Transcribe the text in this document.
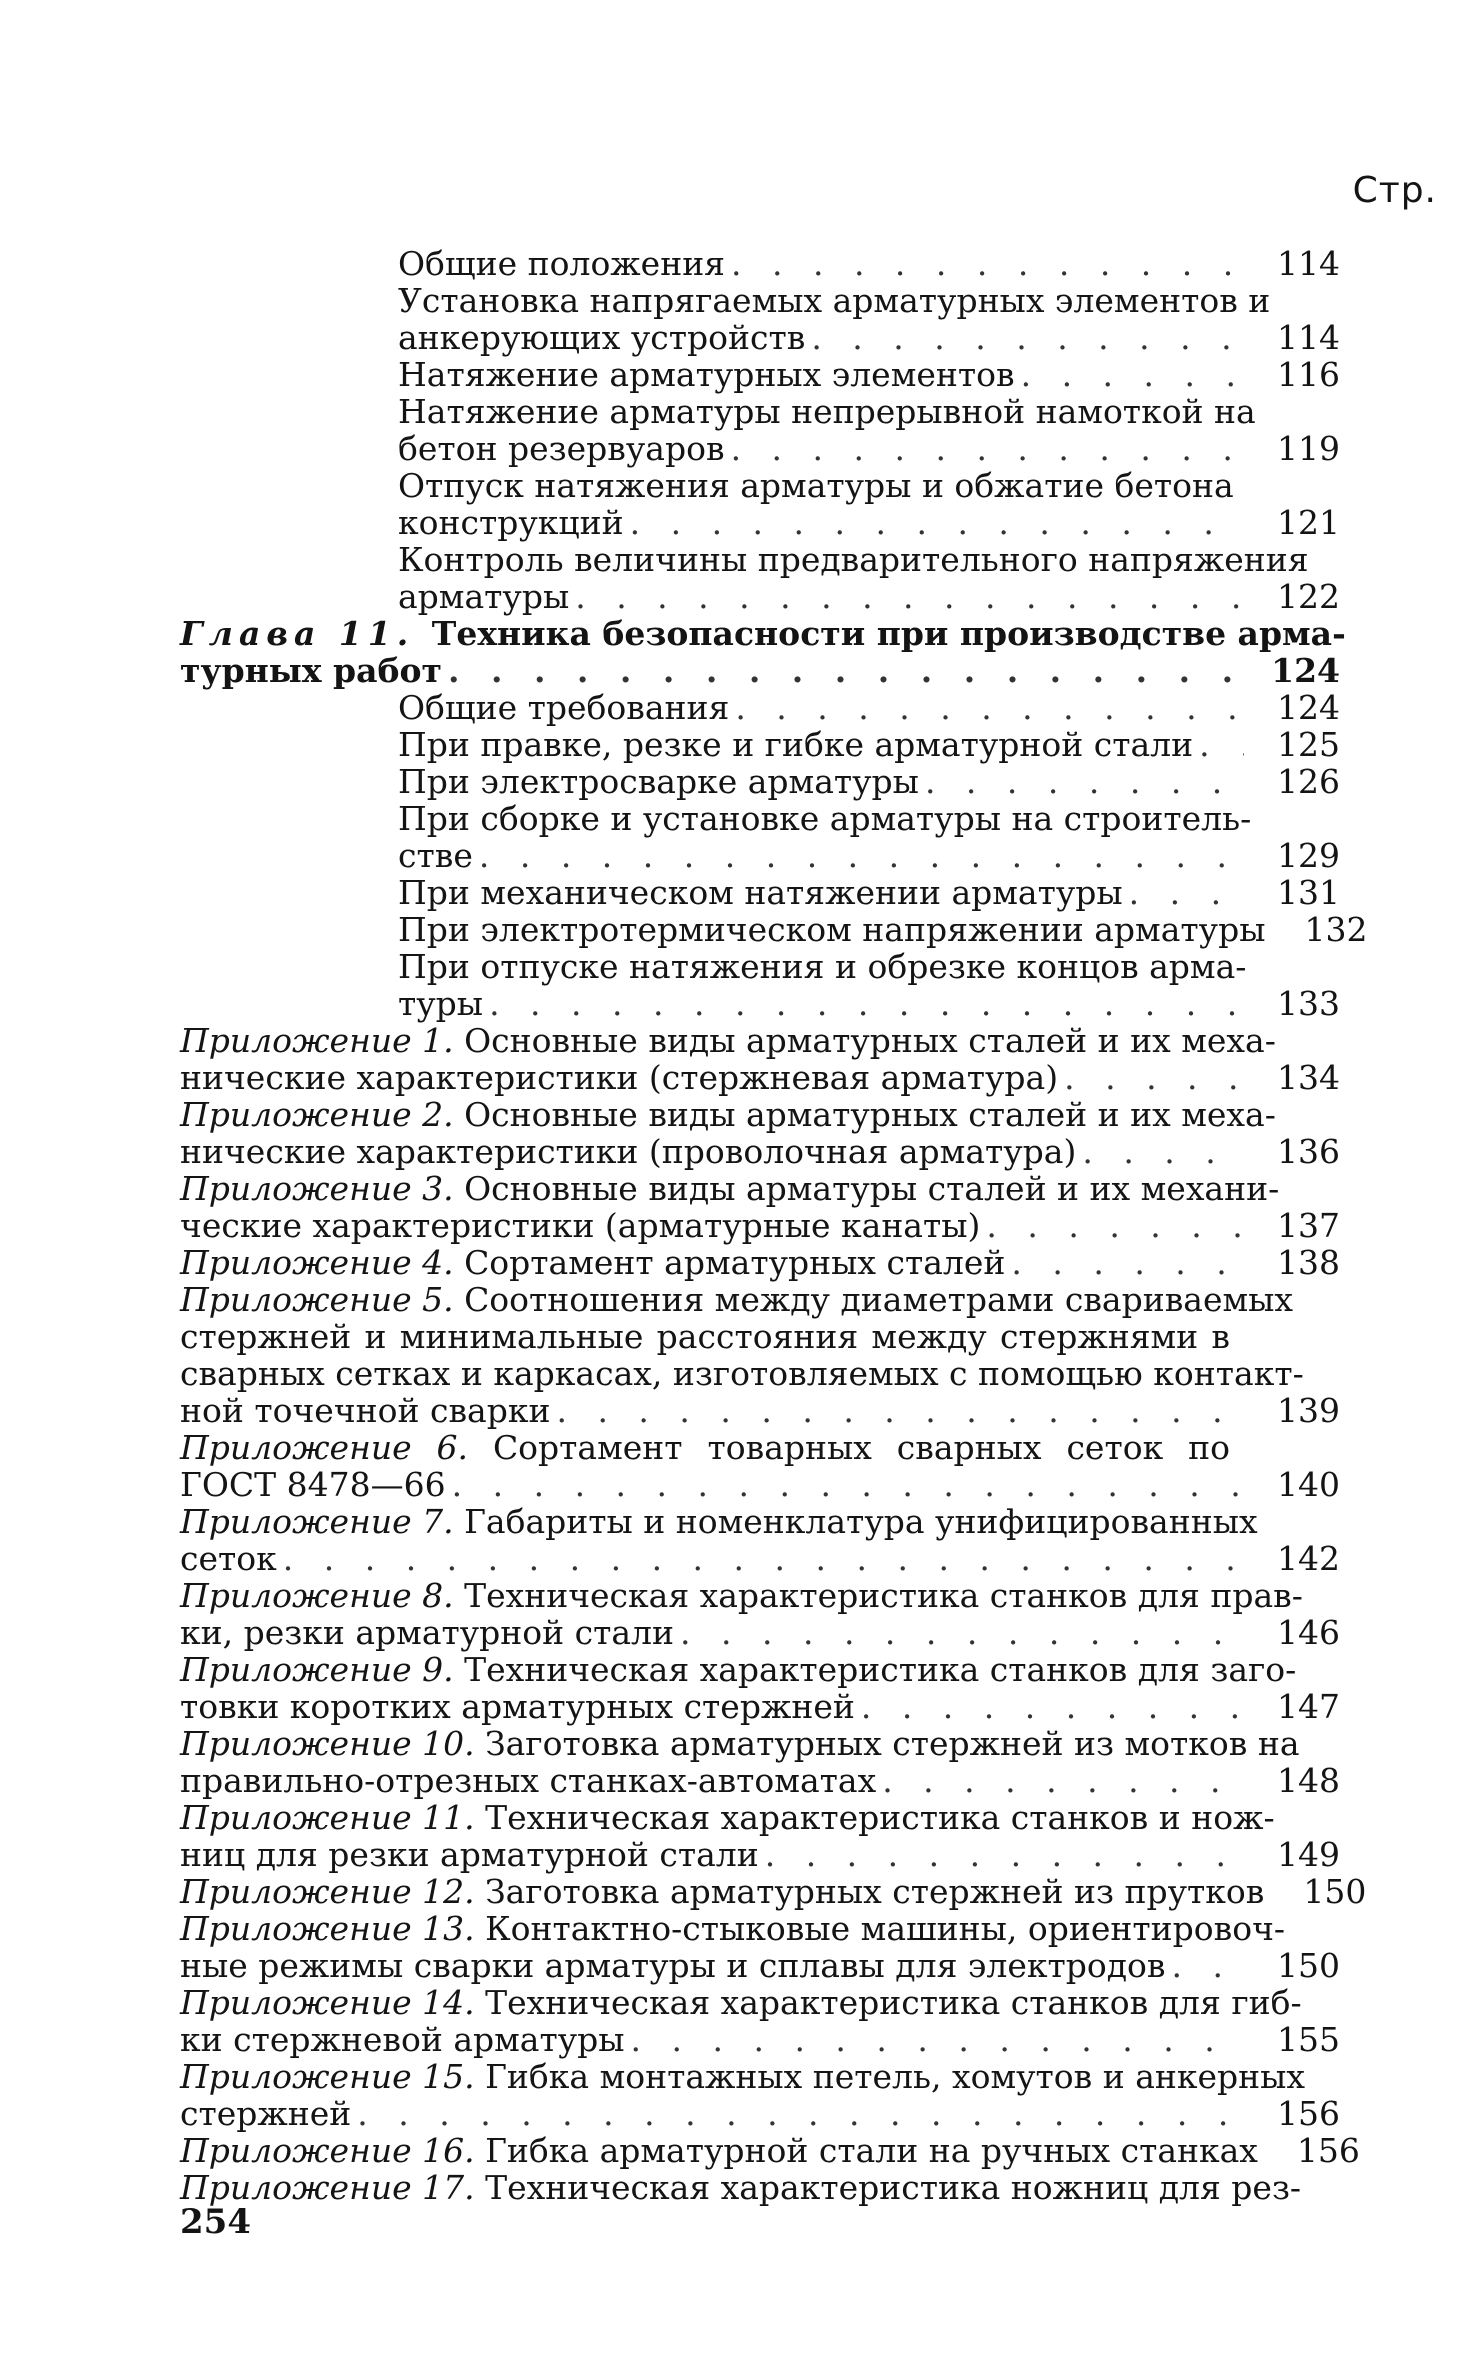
Стр.
Общие положения . . .	114
Установка напрягаемых арматурных элементов и
анкерующих устройств . . .	114
Натяжение арматурных элементов . . .	116
Натяжение арматуры непрерывной намоткой на
бетон резервуаров . . .	119
Отпуск натяжения арматуры и обжатие бетона
конструкций . . .	121
Контроль величины предварительного напряжения
арматуры . . .	122
Глава 11. Техника безопасности при производстве арма-
турных работ . . .	124
Общие требования . . .	124
При правке, резке и гибке арматурной стали . . .	125
При электросварке арматуры . . .	126
При сборке и установке арматуры на строитель-
стве . . .	129
При механическом натяжении арматуры . . .	131
При электротермическом напряжении арматуры	132
При отпуске натяжения и обрезке концов арма-
туры . . .	133
Приложение 1. Основные виды арматурных сталей и их меха-
нические характеристики (стержневая арматура) . . .	134
Приложение 2. Основные виды арматурных сталей и их меха-
нические характеристики (проволочная арматура) . . .	136
Приложение 3. Основные виды арматуры сталей и их механи-
ческие характеристики (арматурные канаты) . . .	137
Приложение 4. Сортамент арматурных сталей . . .	138
Приложение 5. Соотношения между диаметрами свариваемых
стержней и минимальные расстояния между стержнями в
сварных сетках и каркасах, изготовляемых с помощью контакт-
ной точечной сварки . . .	139
Приложение 6. Сортамент товарных сварных сеток по
ГОСТ 8478—66 . . .	140
Приложение 7. Габариты и номенклатура унифицированных
сеток . . .	142
Приложение 8. Техническая характеристика станков для прав-
ки, резки арматурной стали . . .	146
Приложение 9. Техническая характеристика станков для заго-
товки коротких арматурных стержней . . .	147
Приложение 10. Заготовка арматурных стержней из мотков на
правильно-отрезных станках-автоматах . . .	148
Приложение 11. Техническая характеристика станков и нож-
ниц для резки арматурной стали . . .	149
Приложение 12. Заготовка арматурных стержней из прутков	150
Приложение 13. Контактно-стыковые машины, ориентировоч-
ные режимы сварки арматуры и сплавы для электродов . . .	150
Приложение 14. Техническая характеристика станков для гиб-
ки стержневой арматуры . . .	155
Приложение 15. Гибка монтажных петель, хомутов и анкерных
стержней . . .	156
Приложение 16. Гибка арматурной стали на ручных станках	156
Приложение 17. Техническая характеристика ножниц для рез-
254
